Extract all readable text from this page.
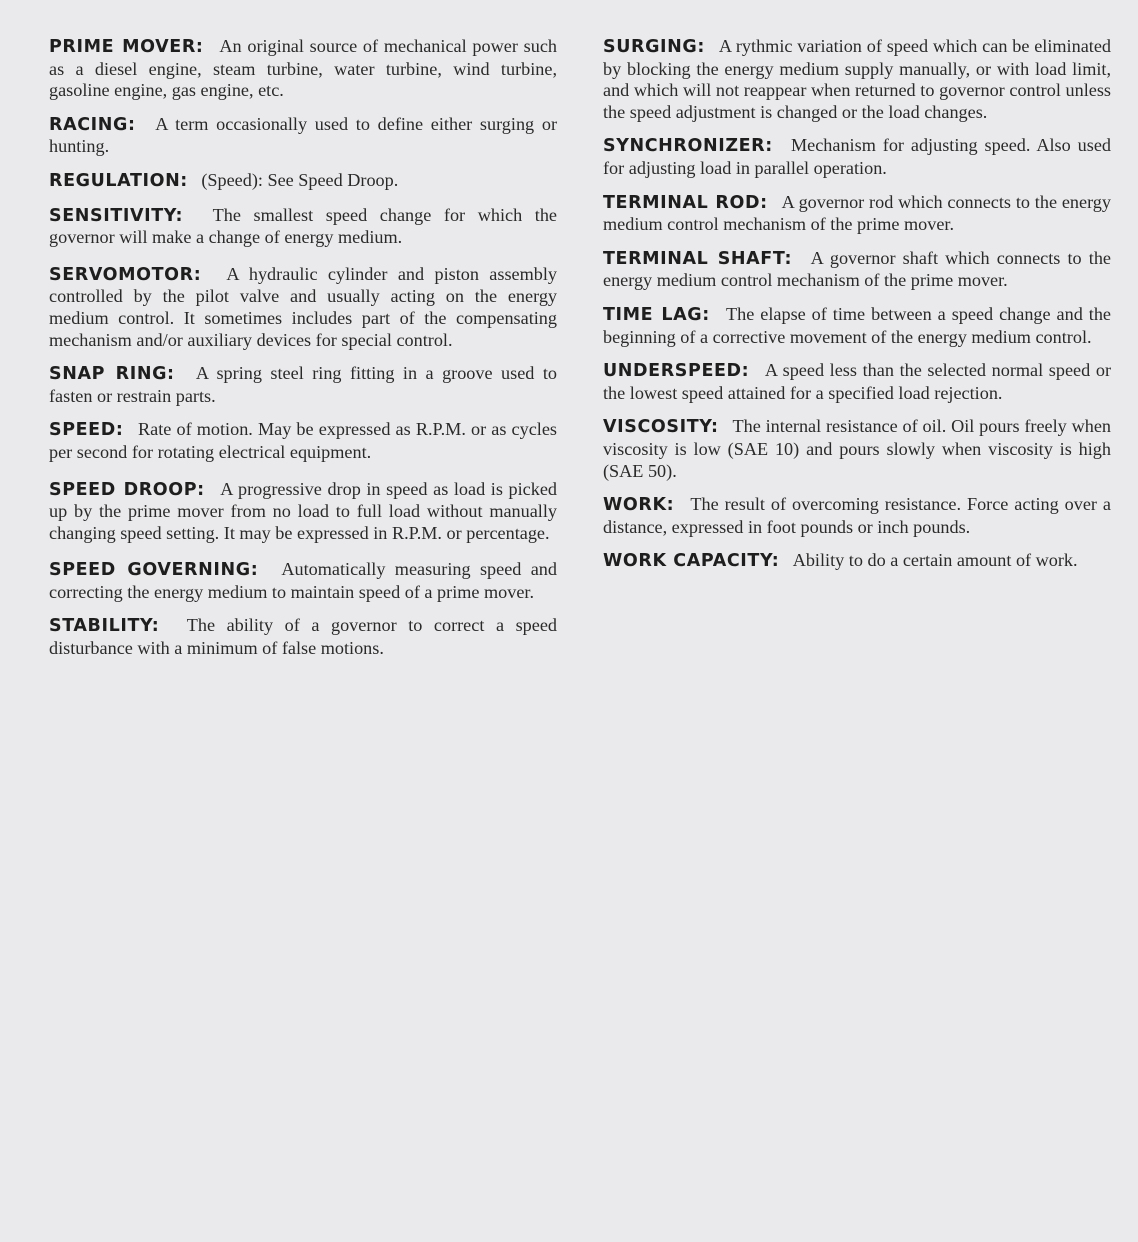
PRIME MOVER: An original source of mechanical power such as a diesel engine, steam turbine, water turbine, wind turbine, gasoline engine, gas engine, etc.

RACING: A term occasionally used to define either surging or hunting.

REGULATION: (Speed): See Speed Droop.

SENSITIVITY: The smallest speed change for which the governor will make a change of energy medium.

SERVOMOTOR: A hydraulic cylinder and piston assembly controlled by the pilot valve and usually acting on the energy medium control. It sometimes includes part of the compensating mechanism and/or auxiliary devices for special control.

SNAP RING: A spring steel ring fitting in a groove used to fasten or restrain parts.

SPEED: Rate of motion. May be expressed as R.P.M. or as cycles per second for rotating electrical equipment.

SPEED DROOP: A progressive drop in speed as load is picked up by the prime mover from no load to full load without manually changing speed setting. It may be expressed in R.P.M. or percentage.

SPEED GOVERNING: Automatically measuring speed and correcting the energy medium to maintain speed of a prime mover.

STABILITY: The ability of a governor to correct a speed disturbance with a minimum of false motions.

SURGING: A rythmic variation of speed which can be eliminated by blocking the energy medium supply manually, or with load limit, and which will not reappear when returned to governor control unless the speed adjustment is changed or the load changes.

SYNCHRONIZER: Mechanism for adjusting speed. Also used for adjusting load in parallel operation.

TERMINAL ROD: A governor rod which connects to the energy medium control mechanism of the prime mover.

TERMINAL SHAFT: A governor shaft which connects to the energy medium control mechanism of the prime mover.

TIME LAG: The elapse of time between a speed change and the beginning of a corrective movement of the energy medium control.

UNDERSPEED: A speed less than the selected normal speed or the lowest speed attained for a specified load rejection.

VISCOSITY: The internal resistance of oil. Oil pours freely when viscosity is low (SAE 10) and pours slowly when viscosity is high (SAE 50).

WORK: The result of overcoming resistance. Force acting over a distance, expressed in foot pounds or inch pounds.

WORK CAPACITY: Ability to do a certain amount of work.
